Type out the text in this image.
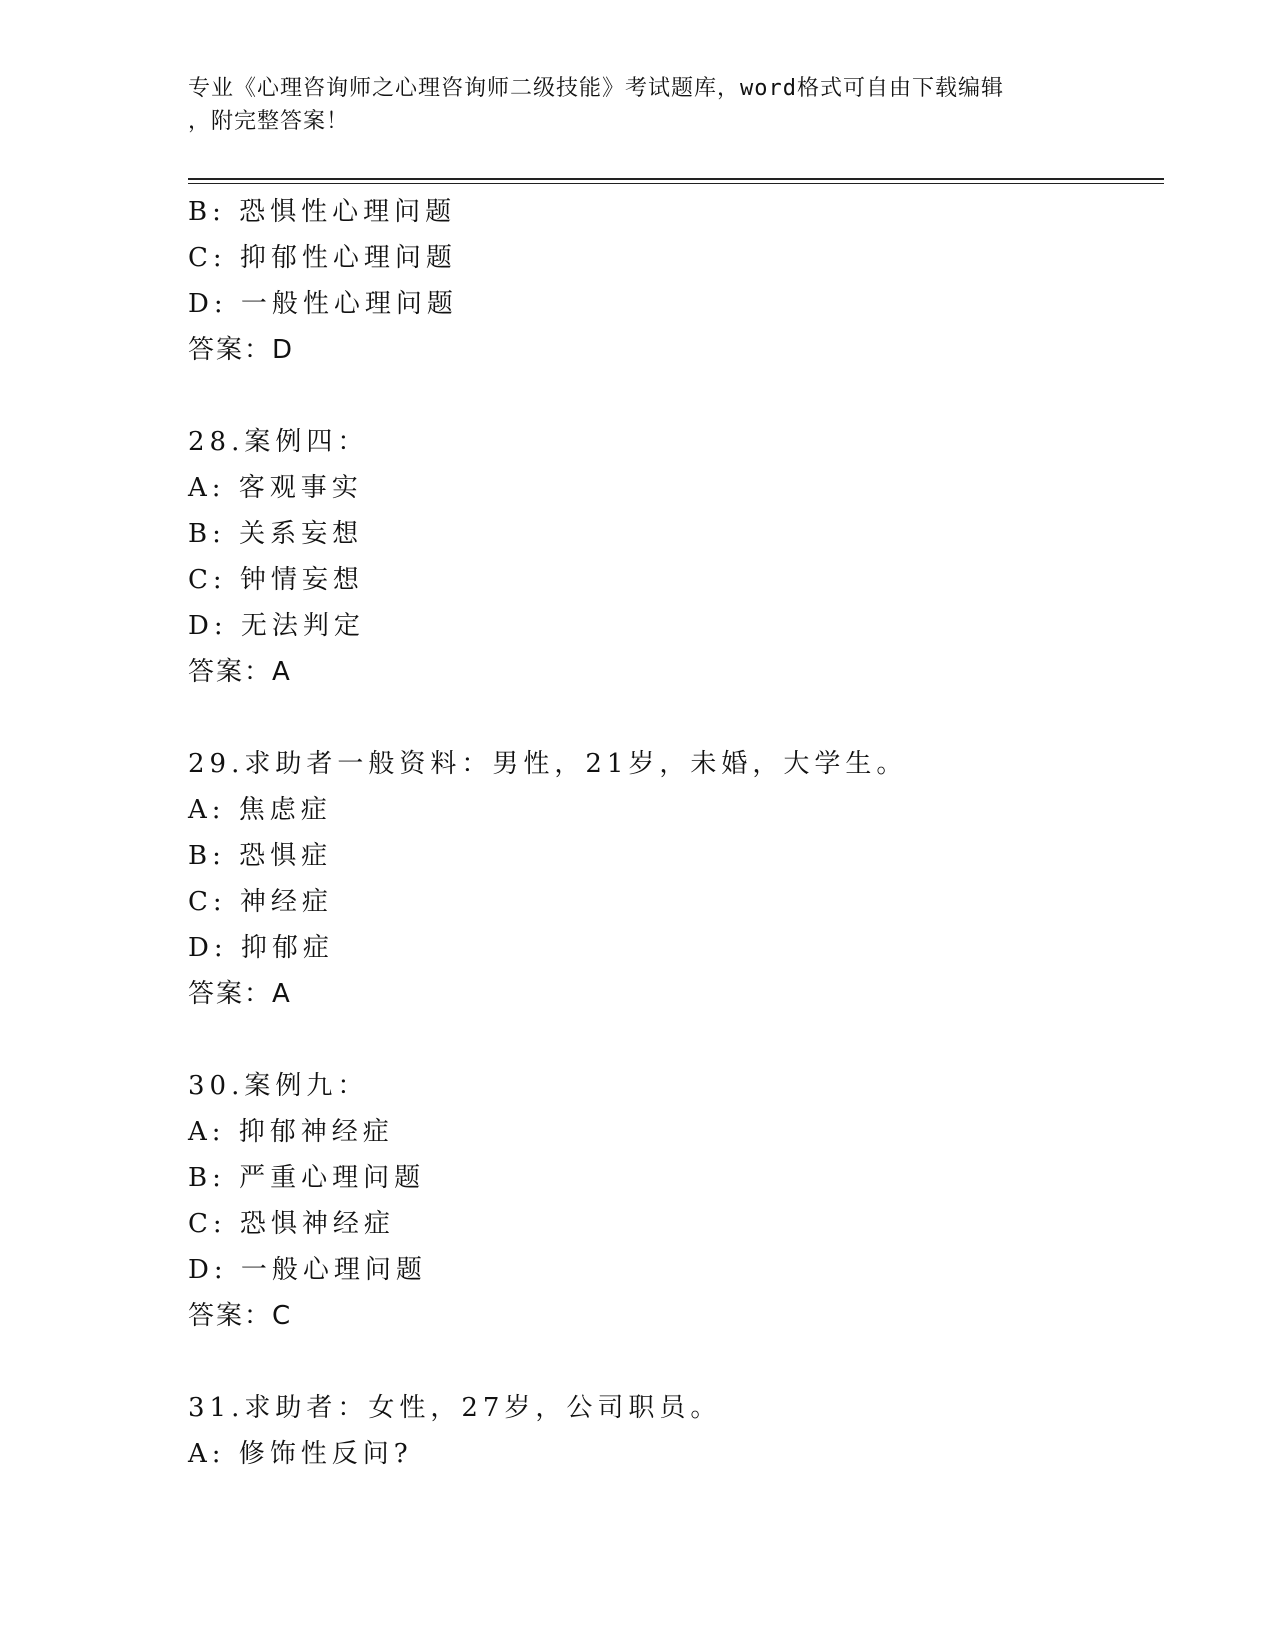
专业《心理咨询师之心理咨询师二级技能》考试题库，word格式可自由下载编辑
，附完整答案！
B: 恐惧性心理问题
C: 抑郁性心理问题
D: 一般性心理问题
答案：D
28.案例四：
A: 客观事实
B: 关系妄想
C: 钟情妄想
D: 无法判定
答案：A
29.求助者一般资料：男性，21岁，未婚，大学生。
A: 焦虑症
B: 恐惧症
C: 神经症
D: 抑郁症
答案：A
30.案例九：
A: 抑郁神经症
B: 严重心理问题
C: 恐惧神经症
D: 一般心理问题
答案：C
31.求助者：女性，27岁，公司职员。
A: 修饰性反问?
